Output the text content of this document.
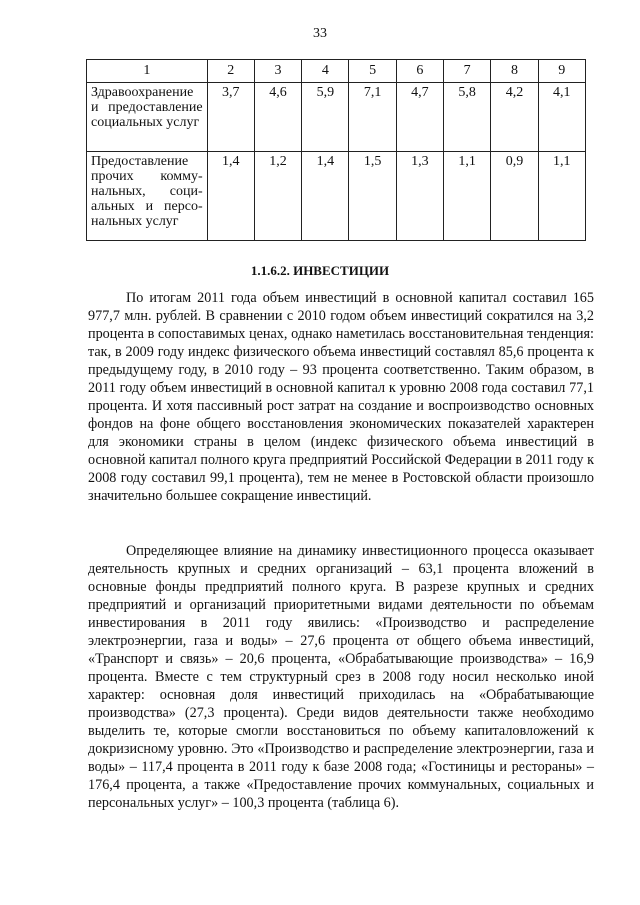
33
1	2	3	4	5	6	7	8	9
Здравоохранение и предоставление социальных услуг	3,7	4,6	5,9	7,1	4,7	5,8	4,2	4,1
Предоставление прочих коммунальных, социальных и персональных услуг	1,4	1,2	1,4	1,5	1,3	1,1	0,9	1,1
1.1.6.2. ИНВЕСТИЦИИ

По итогам 2011 года объем инвестиций в основной капитал составил 165 977,7 млн. рублей. В сравнении с 2010 годом объем инвестиций сократился на 3,2 процента в сопоставимых ценах, однако наметилась восстановительная тенденция: так, в 2009 году индекс физического объема инвестиций составлял 85,6 процента к предыдущему году, в 2010 году – 93 процента соответственно. Таким образом, в 2011 году объем инвестиций в основной капитал к уровню 2008 года составил 77,1 процента. И хотя пассивный рост затрат на создание и воспроизводство основных фондов на фоне общего восстановления экономических показателей характерен для экономики страны в целом (индекс физического объема инвестиций в основной капитал полного круга предприятий Российской Федерации в 2011 году к 2008 году составил 99,1 процента), тем не менее в Ростовской области произошло значительно большее сокращение инвестиций.

Определяющее влияние на динамику инвестиционного процесса оказывает деятельность крупных и средних организаций – 63,1 процента вложений в основные фонды предприятий полного круга. В разрезе крупных и средних предприятий и организаций приоритетными видами деятельности по объемам инвестирования в 2011 году явились: «Производство и распределение электроэнергии, газа и воды» – 27,6 процента от общего объема инвестиций, «Транспорт и связь» – 20,6 процента, «Обрабатывающие производства» – 16,9 процента. Вместе с тем структурный срез в 2008 году носил несколько иной характер: основная доля инвестиций приходилась на «Обрабатывающие производства» (27,3 процента). Среди видов деятельности также необходимо выделить те, которые смогли восстановиться по объему капиталовложений к докризисному уровню. Это «Производство и распределение электроэнергии, газа и воды» – 117,4 процента в 2011 году к базе 2008 года; «Гостиницы и рестораны» – 176,4 процента, а также «Предоставление прочих коммунальных, социальных и персональных услуг» – 100,3 процента (таблица 6).
